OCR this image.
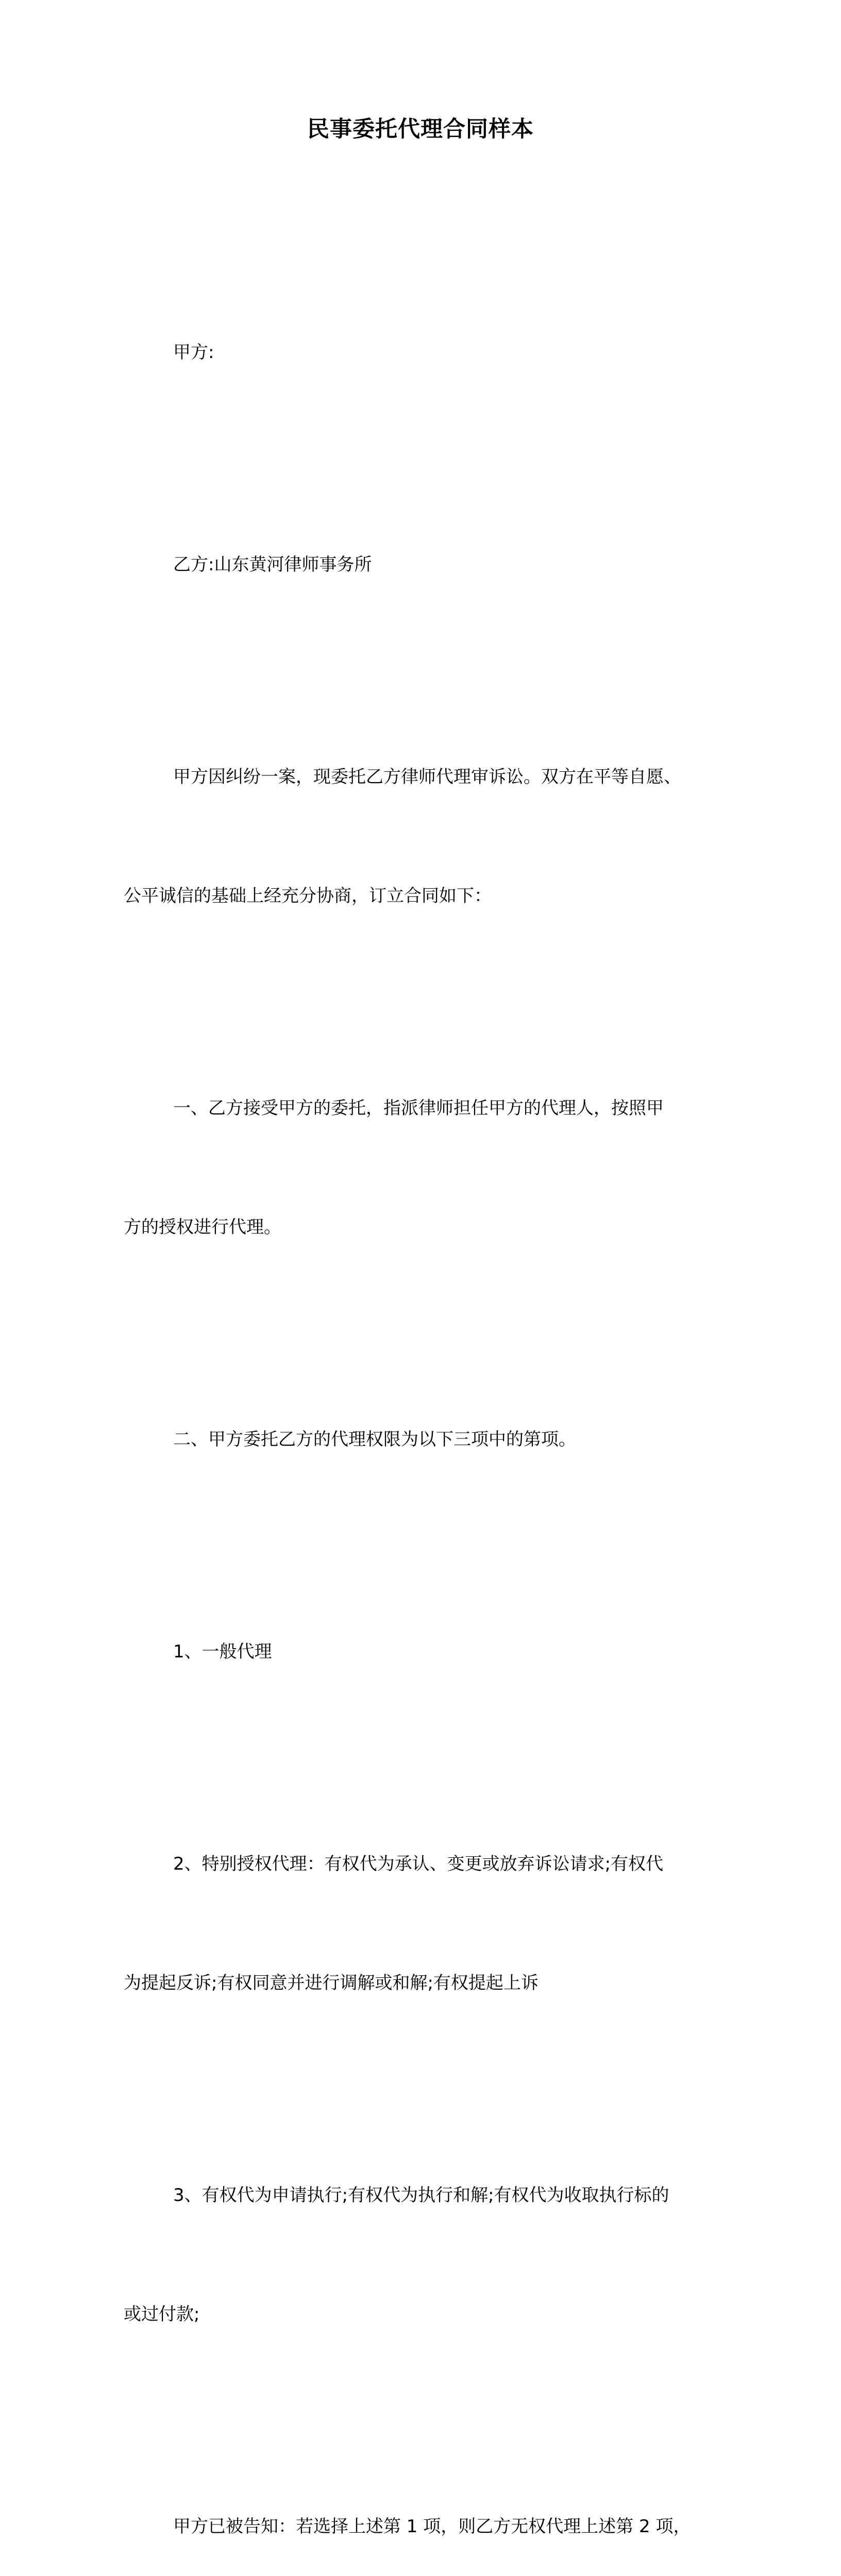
民事委托代理合同样本

甲方:

乙方:山东黄河律师事务所

甲方因纠纷一案，现委托乙方律师代理审诉讼。双方在平等自愿、

公平诚信的基础上经充分协商，订立合同如下：

一、乙方接受甲方的委托，指派律师担任甲方的代理人，按照甲

方的授权进行代理。

二、甲方委托乙方的代理权限为以下三项中的第项。

1、一般代理

2、特别授权代理：有权代为承认、变更或放弃诉讼请求;有权代

为提起反诉;有权同意并进行调解或和解;有权提起上诉

3、有权代为申请执行;有权代为执行和解;有权代为收取执行标的

或过付款;

甲方已被告知：若选择上述第 1 项，则乙方无权代理上述第 2 项，
